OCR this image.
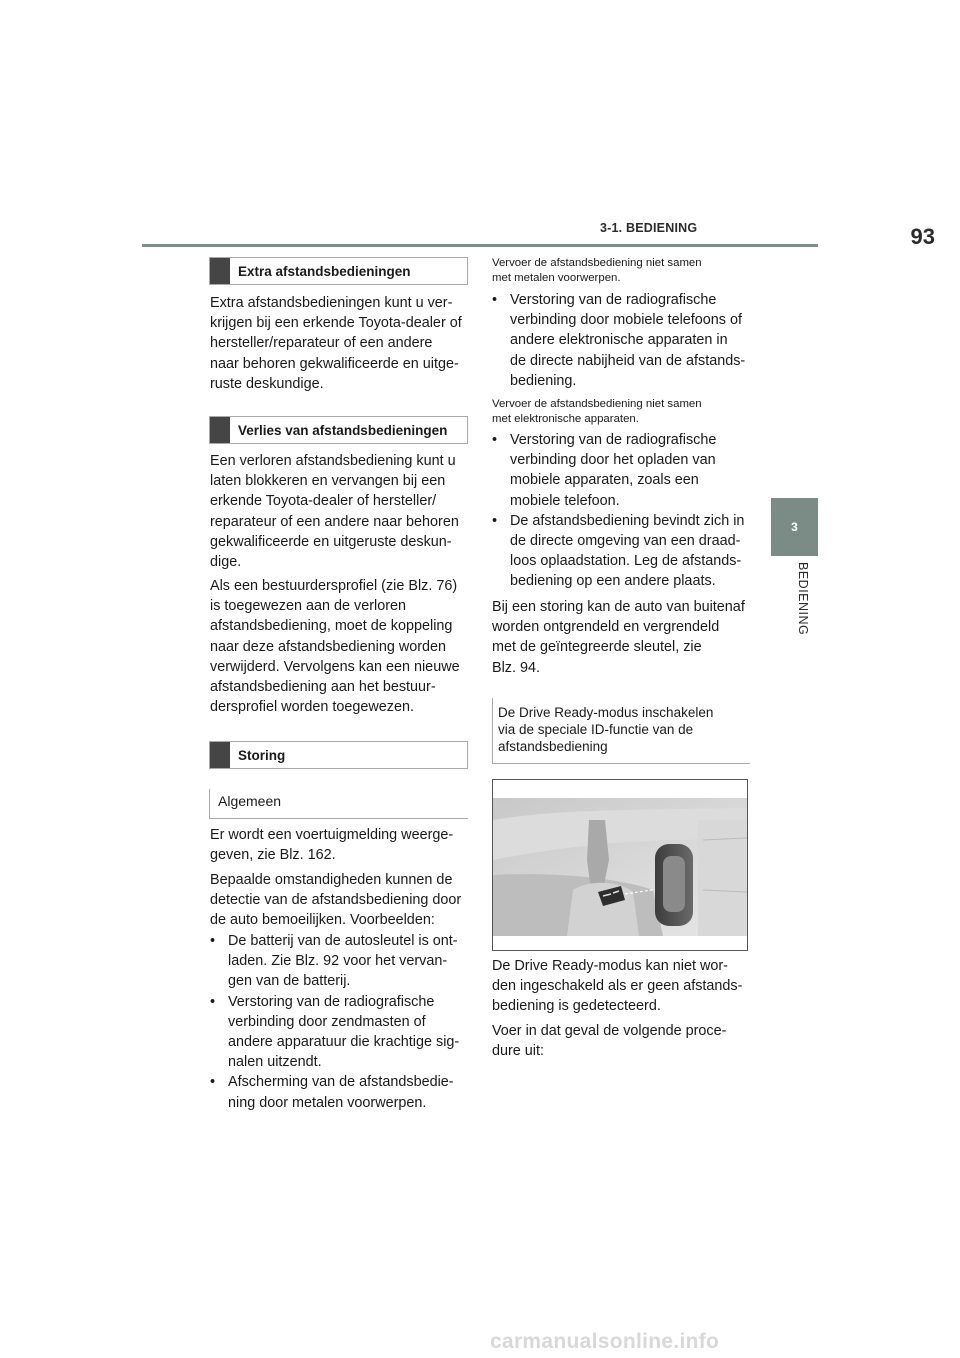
3-1. BEDIENING	93
3
BEDIENING
Extra afstandsbedieningen
Extra afstandsbedieningen kunt u ver-
krijgen bij een erkende Toyota-dealer of
hersteller/reparateur of een andere
naar behoren gekwalificeerde en uitge-
ruste deskundige.
Verlies van afstandsbedieningen
Een verloren afstandsbediening kunt u
laten blokkeren en vervangen bij een
erkende Toyota-dealer of hersteller/
reparateur of een andere naar behoren
gekwalificeerde en uitgeruste deskun-
dige.
Als een bestuurdersprofiel (zie Blz. 76)
is toegewezen aan de verloren
afstandsbediening, moet de koppeling
naar deze afstandsbediening worden
verwijderd. Vervolgens kan een nieuwe
afstandsbediening aan het bestuur-
dersprofiel worden toegewezen.
Storing
Algemeen
Er wordt een voertuigmelding weerge-
geven, zie Blz. 162.
Bepaalde omstandigheden kunnen de
detectie van de afstandsbediening door
de auto bemoeilijken. Voorbeelden:
• De batterij van de autosleutel is ont-
laden. Zie Blz. 92 voor het vervan-
gen van de batterij.
• Verstoring van de radiografische
verbinding door zendmasten of
andere apparatuur die krachtige sig-
nalen uitzendt.
• Afscherming van de afstandsbedie-
ning door metalen voorwerpen.
Vervoer de afstandsbediening niet samen
met metalen voorwerpen.
• Verstoring van de radiografische
verbinding door mobiele telefoons of
andere elektronische apparaten in
de directe nabijheid van de afstands-
bediening.
Vervoer de afstandsbediening niet samen
met elektronische apparaten.
• Verstoring van de radiografische
verbinding door het opladen van
mobiele apparaten, zoals een
mobiele telefoon.
• De afstandsbediening bevindt zich in
de directe omgeving van een draad-
loos oplaadstation. Leg de afstands-
bediening op een andere plaats.
Bij een storing kan de auto van buitenaf
worden ontgrendeld en vergrendeld
met de geïntegreerde sleutel, zie
Blz. 94.
De Drive Ready-modus inschakelen
via de speciale ID-functie van de
afstandsbediening
De Drive Ready-modus kan niet wor-
den ingeschakeld als er geen afstands-
bediening is gedetecteerd.
Voer in dat geval de volgende proce-
dure uit:
carmanualsonline.info
